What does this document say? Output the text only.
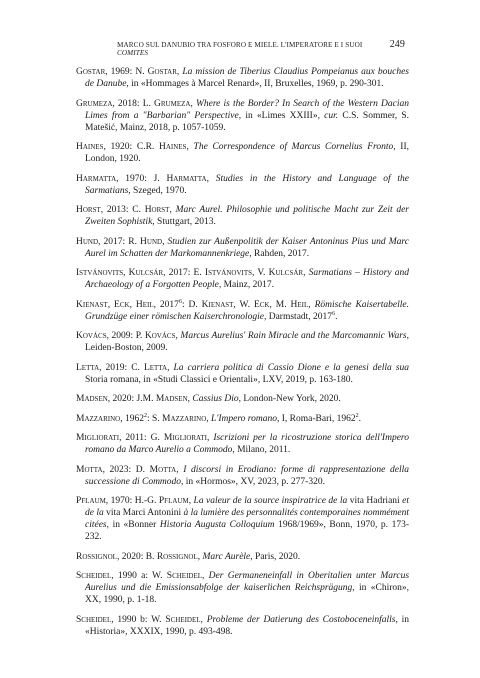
MARCO SUL DANUBIO TRA FOSFORO E MIELE. L'IMPERATORE E I SUOI COMITES
249

Gostar, 1969: N. Gostar, La mission de Tiberius Claudius Pompeianus aux bouches de Danube, in «Hommages à Marcel Renard», II, Bruxelles, 1969, p. 290-301.

Grumeza, 2018: L. Grumeza, Where is the Border? In Search of the Western Dacian Limes from a "Barbarian" Perspective, in «Limes XXIII», cur. C.S. Sommer, S. Matešić, Mainz, 2018, p. 1057-1059.

Haines, 1920: C.R. Haines, The Correspondence of Marcus Cornelius Fronto, II, London, 1920.

Harmatta, 1970: J. Harmatta, Studies in the History and Language of the Sarmatians, Szeged, 1970.

Horst, 2013: C. Horst, Marc Aurel. Philosophie und politische Macht zur Zeit der Zweiten Sophistik, Stuttgart, 2013.

Hund, 2017: R. Hund, Studien zur Außenpolitik der Kaiser Antoninus Pius und Marc Aurel im Schatten der Markomannenkriege, Rahden, 2017.

Istvánovits, Kulcsár, 2017: E. Istvánovits, V. Kulcsár, Sarmatians – History and Archaeology of a Forgotten People, Mainz, 2017.

Kienast, Eck, Heil, 2017$^6$: D. Kienast, W. Eck, M. Heil, Römische Kaisertabelle. Grundzüge einer römischen Kaiserchronologie, Darmstadt, 2017$^6$.

Kovács, 2009: P. Kovács, Marcus Aurelius' Rain Miracle and the Marcomannic Wars, Leiden-Boston, 2009.

Letta, 2019: C. Letta, La carriera politica di Cassio Dione e la genesi della sua Storia romana, in «Studi Classici e Orientali», LXV, 2019, p. 163-180.

Madsen, 2020: J.M. Madsen, Cassius Dio, London-New York, 2020.

Mazzarino, 1962$^2$: S. Mazzarino, L'Impero romano, I, Roma-Bari, 1962$^2$.

Migliorati, 2011: G. Migliorati, Iscrizioni per la ricostruzione storica dell'Impero romano da Marco Aurelio a Commodo, Milano, 2011.

Motta, 2023: D. Motta, I discorsi in Erodiano: forme di rappresentazione della successione di Commodo, in «Hormos», XV, 2023, p. 277-320.

Pflaum, 1970: H.-G. Pflaum, La valeur de la source inspiratrice de la vita Hadriani et de la vita Marci Antonini à la lumière des personnalités contemporaines nommément citées, in «Bonner Historia Augusta Colloquium 1968/1969», Bonn, 1970, p. 173-232.

Rossignol, 2020: B. Rossignol, Marc Aurèle, Paris, 2020.

Scheidel, 1990 a: W. Scheidel, Der Germaneneinfall in Oberitalien unter Marcus Aurelius und die Emissionsabfolge der kaiserlichen Reichsprägung, in «Chiron», XX, 1990, p. 1-18.

Scheidel, 1990 b: W. Scheidel, Probleme der Datierung des Costoboceneinfalls, in «Historia», XXXIX, 1990, p. 493-498.
